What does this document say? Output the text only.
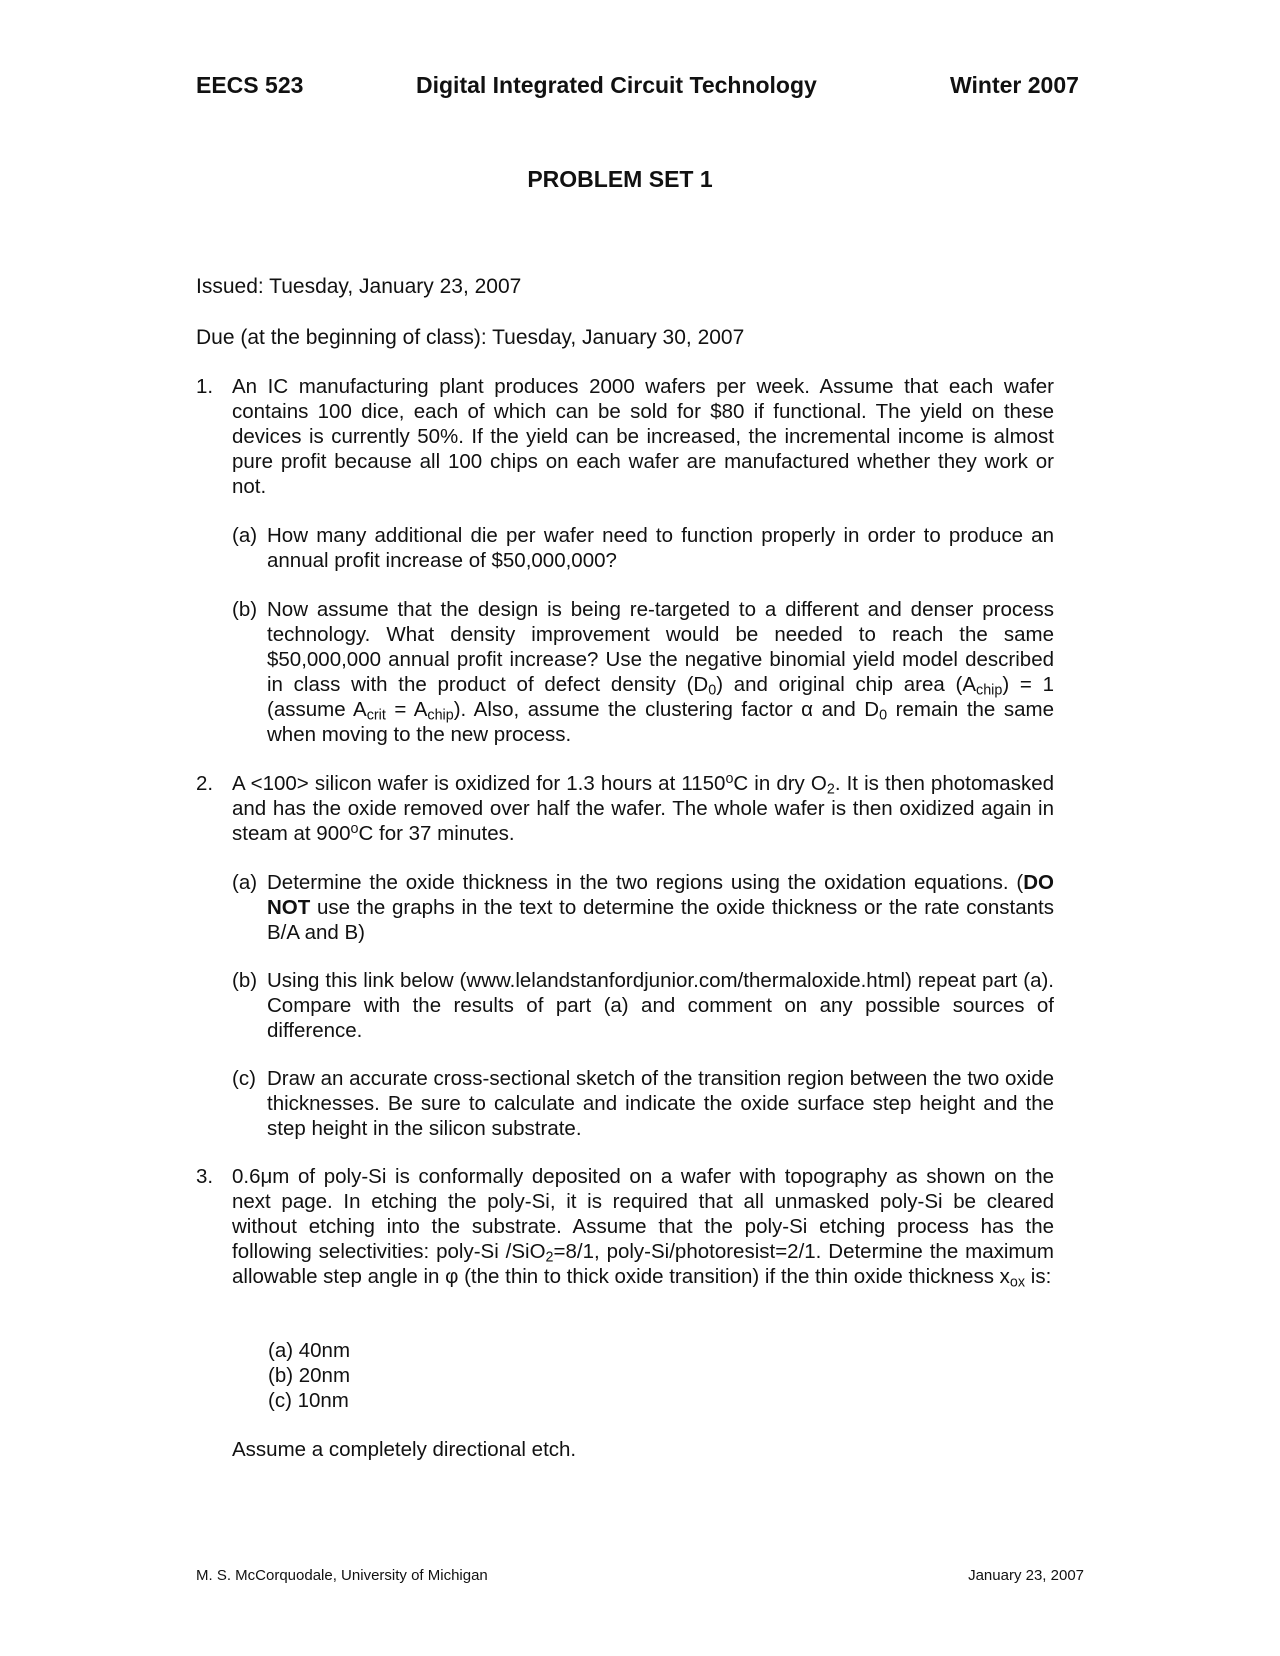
EECS 523	Digital Integrated Circuit Technology	Winter 2007
PROBLEM SET 1
Issued: Tuesday, January 23, 2007
Due (at the beginning of class): Tuesday, January 30, 2007
1. An IC manufacturing plant produces 2000 wafers per week. Assume that each wafer contains 100 dice, each of which can be sold for $80 if functional. The yield on these devices is currently 50%. If the yield can be increased, the incremental income is almost pure profit because all 100 chips on each wafer are manufactured whether they work or not.
(a) How many additional die per wafer need to function properly in order to produce an annual profit increase of $50,000,000?
(b) Now assume that the design is being re-targeted to a different and denser process technology. What density improvement would be needed to reach the same $50,000,000 annual profit increase? Use the negative binomial yield model described in class with the product of defect density $(D_0)$ and original chip area $(A_{chip}) = 1$ (assume $A_{crit} = A_{chip}$). Also, assume the clustering factor α and $D_0$ remain the same when moving to the new process.
2. A <100> silicon wafer is oxidized for 1.3 hours at 1150$^o$C in dry $O_2$. It is then photomasked and has the oxide removed over half the wafer. The whole wafer is then oxidized again in steam at 900$^o$C for 37 minutes.
(a) Determine the oxide thickness in the two regions using the oxidation equations. (DO NOT use the graphs in the text to determine the oxide thickness or the rate constants B/A and B)
(b) Using this link below (www.lelandstanfordjunior.com/thermaloxide.html) repeat part (a). Compare with the results of part (a) and comment on any possible sources of difference.
(c) Draw an accurate cross-sectional sketch of the transition region between the two oxide thicknesses. Be sure to calculate and indicate the oxide surface step height and the step height in the silicon substrate.
3. 0.6μm of poly-Si is conformally deposited on a wafer with topography as shown on the next page. In etching the poly-Si, it is required that all unmasked poly-Si be cleared without etching into the substrate. Assume that the poly-Si etching process has the following selectivities: poly-Si /SiO$_2$=8/1, poly-Si/photoresist=2/1. Determine the maximum allowable step angle in φ (the thin to thick oxide transition) if the thin oxide thickness $x_{ox}$ is:
(a) 40nm
(b) 20nm
(c) 10nm
Assume a completely directional etch.
M. S. McCorquodale, University of Michigan	January 23, 2007
